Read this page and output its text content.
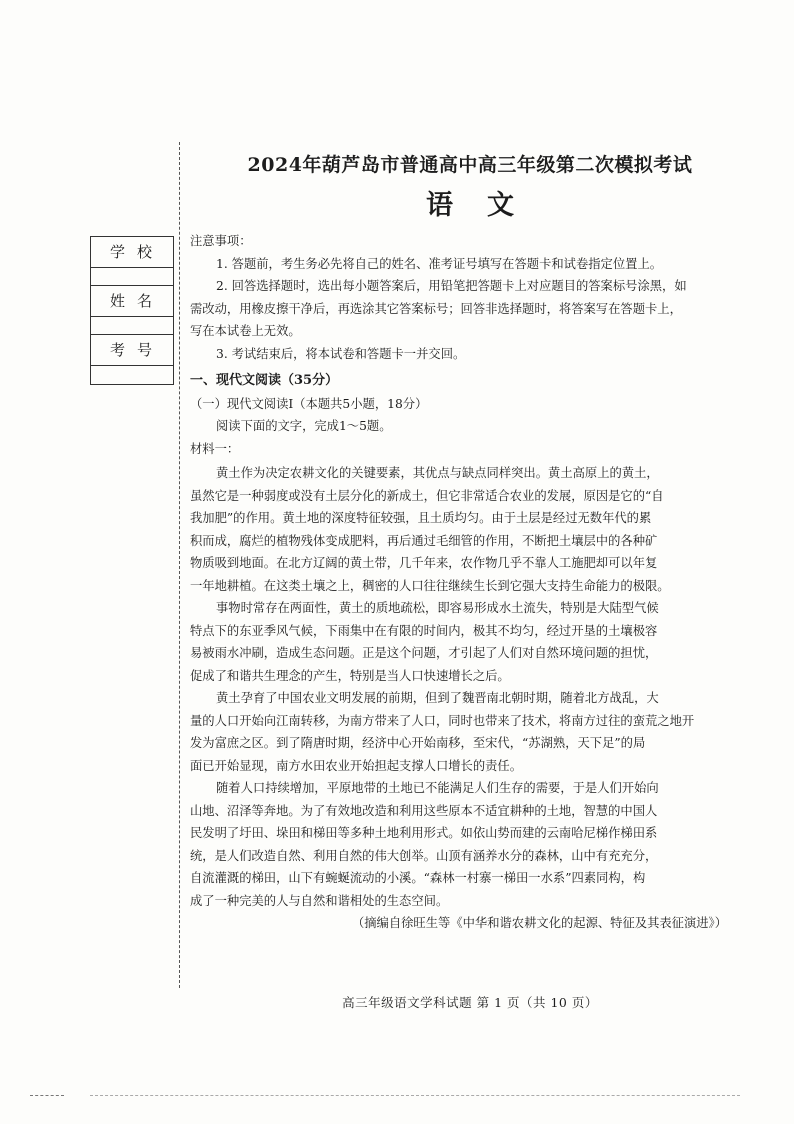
学校
姓名
考号
2024年葫芦岛市普通高中高三年级第二次模拟考试
语文
注意事项：
1. 答题前，考生务必先将自己的姓名、准考证号填写在答题卡和试卷指定位置上。
2. 回答选择题时，选出每小题答案后，用铅笔把答题卡上对应题目的答案标号涂黑，如
需改动，用橡皮擦干净后，再选涂其它答案标号；回答非选择题时，将答案写在答题卡上，
写在本试卷上无效。
3. 考试结束后，将本试卷和答题卡一并交回。
一、现代文阅读（35分）
（一）现代文阅读Ⅰ（本题共5小题，18分）
阅读下面的文字，完成1～5题。
材料一：
黄土作为决定农耕文化的关键要素，其优点与缺点同样突出。黄土高原上的黄土，
虽然它是一种弱度或没有土层分化的新成土，但它非常适合农业的发展，原因是它的“自
我加肥”的作用。黄土地的深度特征较强，且土质均匀。由于土层是经过无数年代的累
积而成，腐烂的植物残体变成肥料，再后通过毛细管的作用，不断把土壤层中的各种矿
物质吸到地面。在北方辽阔的黄土带，几千年来，农作物几乎不靠人工施肥却可以年复
一年地耕植。在这类土壤之上，稠密的人口往往继续生长到它强大支持生命能力的极限。
事物时常存在两面性，黄土的质地疏松，即容易形成水土流失，特别是大陆型气候
特点下的东亚季风气候，下雨集中在有限的时间内，极其不均匀，经过开垦的土壤极容
易被雨水冲刷，造成生态问题。正是这个问题，才引起了人们对自然环境问题的担忧，
促成了和谐共生理念的产生，特别是当人口快速增长之后。
黄土孕育了中国农业文明发展的前期，但到了魏晋南北朝时期，随着北方战乱，大
量的人口开始向江南转移，为南方带来了人口，同时也带来了技术，将南方过往的蛮荒之地开
发为富庶之区。到了隋唐时期，经济中心开始南移，至宋代，“苏湖熟，天下足”的局
面已开始显现，南方水田农业开始担起支撑人口增长的责任。
随着人口持续增加，平原地带的土地已不能满足人们生存的需要，于是人们开始向
山地、沼泽等奔地。为了有效地改造和利用这些原本不适宜耕种的土地，智慧的中国人
民发明了圩田、垛田和梯田等多种土地利用形式。如依山势而建的云南哈尼梯作梯田系
统，是人们改造自然、利用自然的伟大创举。山顶有涵养水分的森林，山中有充充分，
自流灌溉的梯田，山下有蜿蜒流动的小溪。“森林一村寨一梯田一水系”四素同构，构
成了一种完美的人与自然和谐相处的生态空间。
（摘编自徐旺生等《中华和谐农耕文化的起源、特征及其表征演进》）
高三年级语文学科试题 第 1 页（共 10 页）
